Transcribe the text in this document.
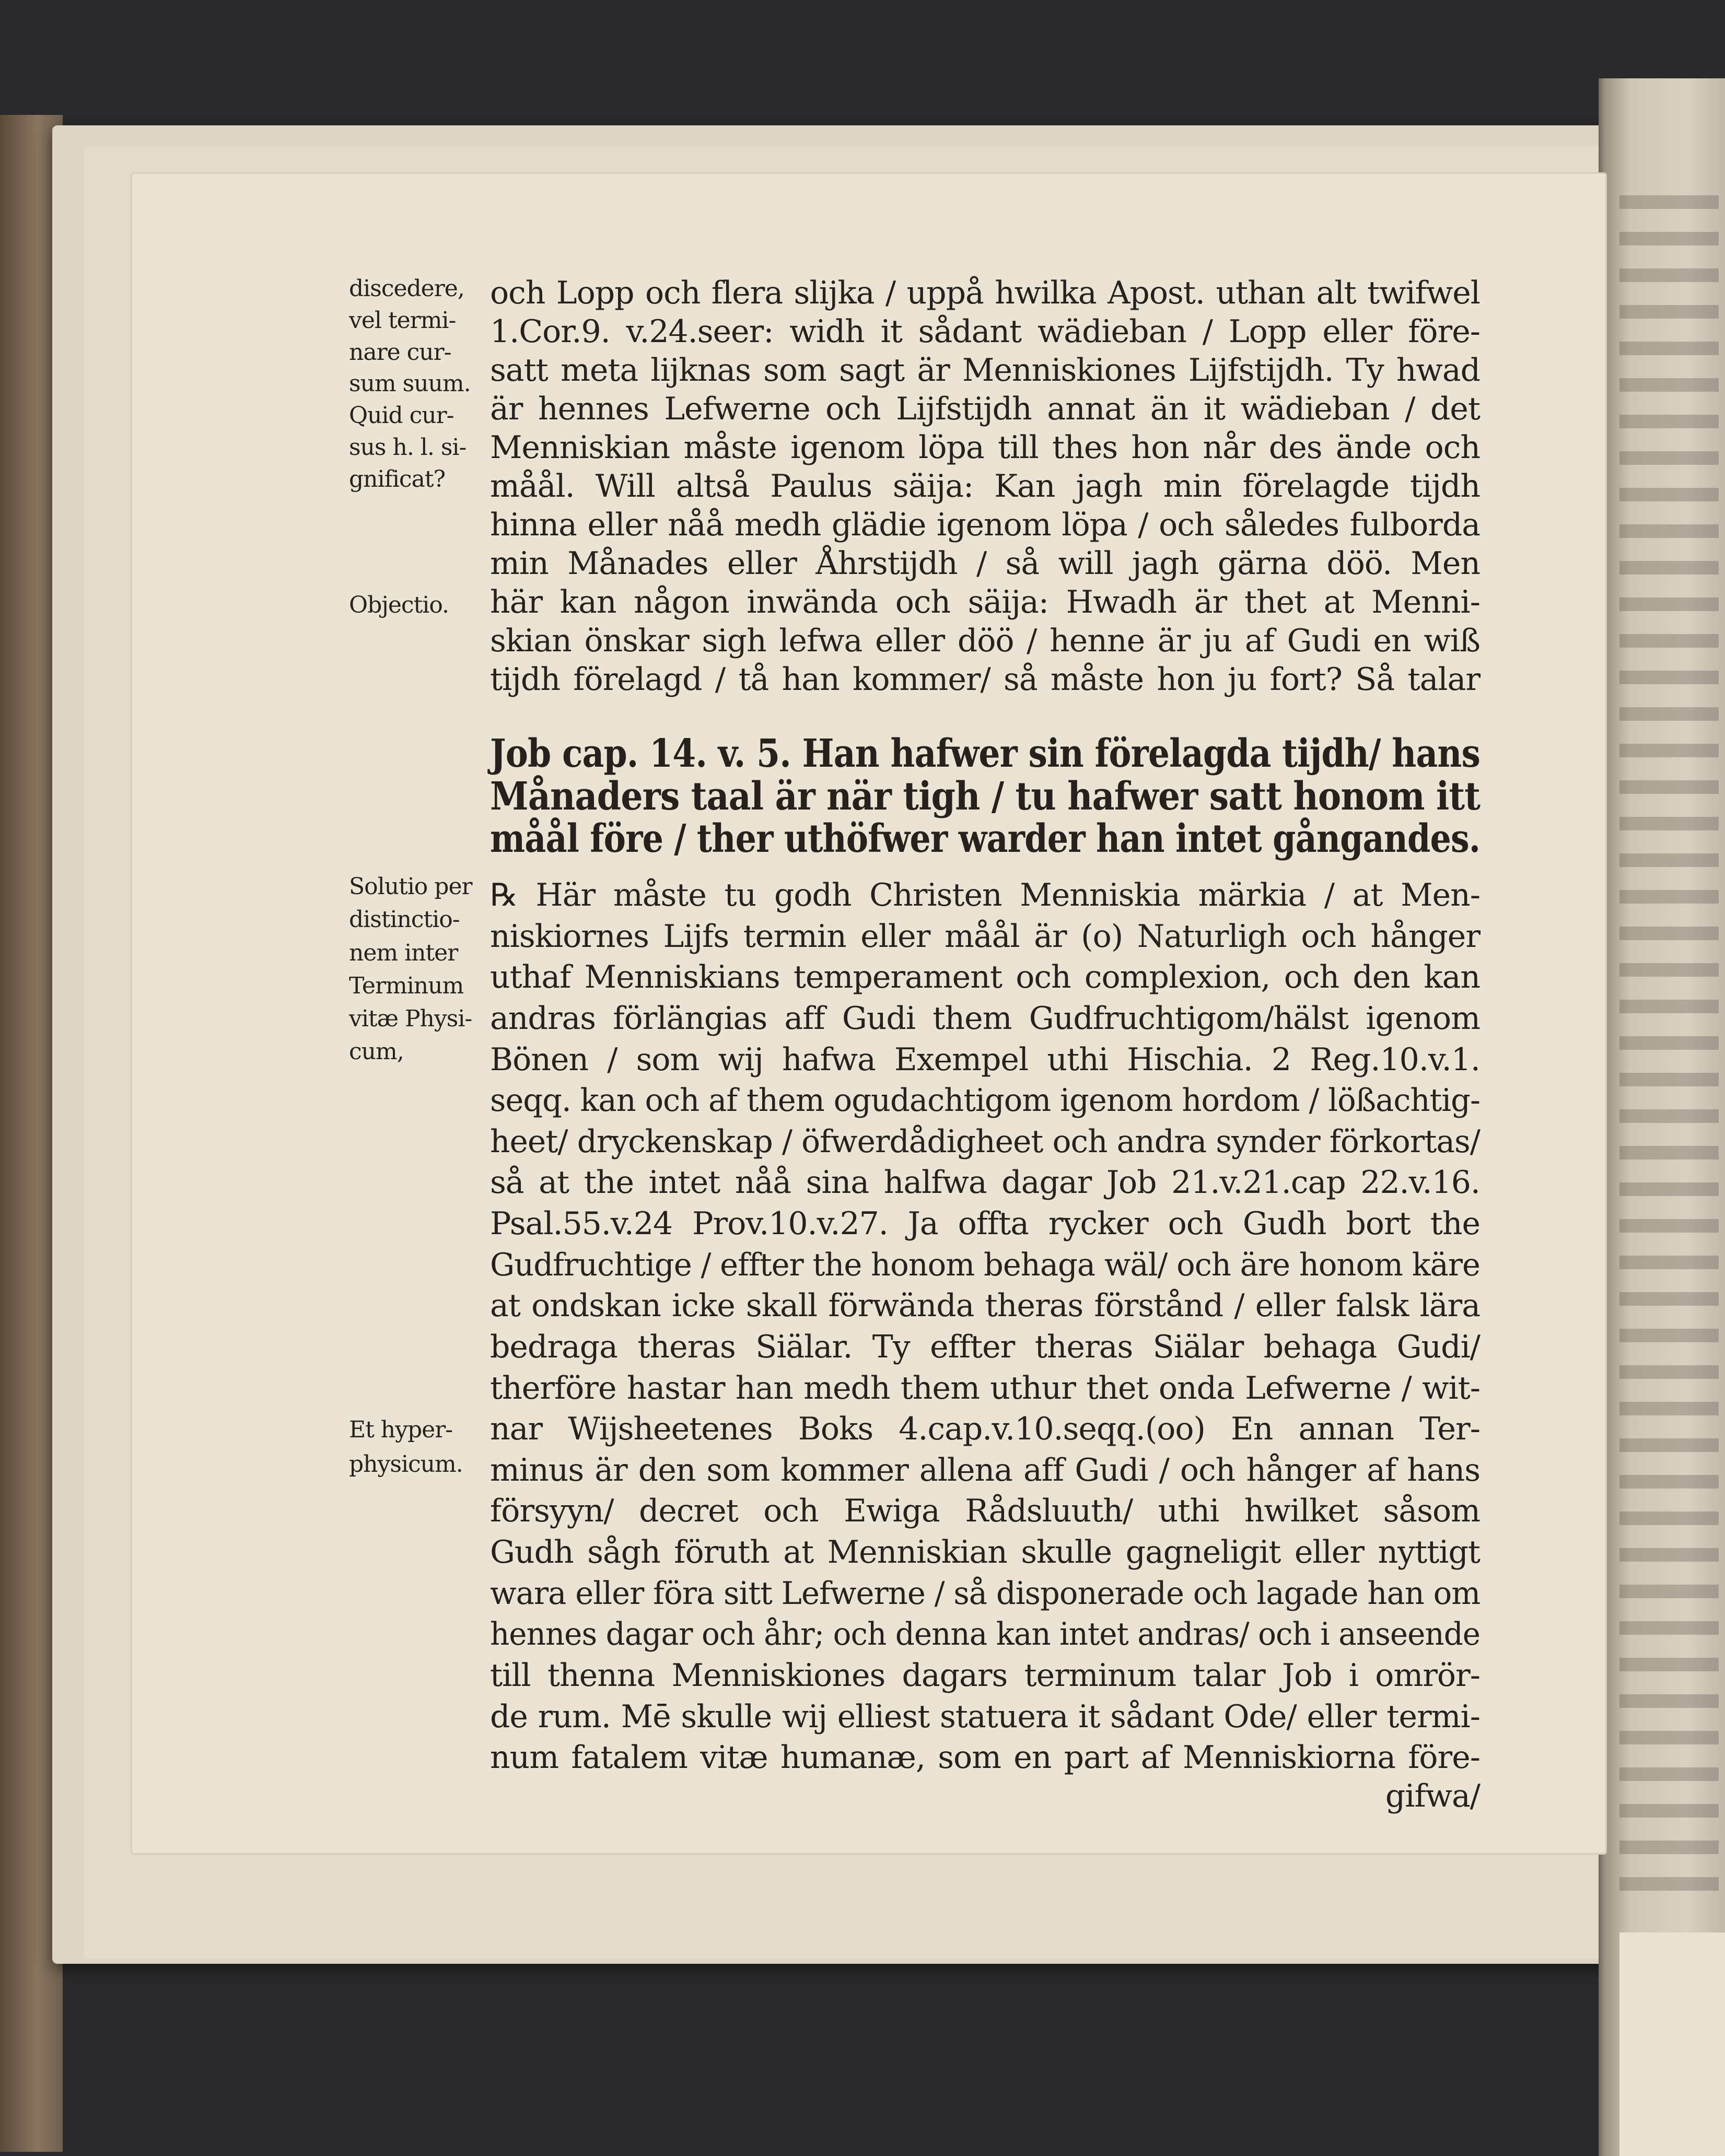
och Lopp och flera slijka / uppå hwilka Apost. uthan alt twifwel
1.Cor.9. v.24.seer: widh it sådant wädieban / Lopp eller före-
satt meta lijknas som sagt är Menniskiones Lijfstijdh. Ty hwad
är hennes Lefwerne och Lijfstijdh annat än it wädieban / det
Menniskian måste igenom löpa till thes hon når des ände och
måål. Will altså Paulus säija: Kan jagh min förelagde tijdh
hinna eller nåå medh glädie igenom löpa / och således fulborda
min Månades eller Åhrstijdh / så will jagh gärna döö. Men
här kan någon inwända och säija: Hwadh är thet at Menni-
skian önskar sigh lefwa eller döö / henne är ju af Gudi en wiß
tijdh förelagd / tå han kommer/ så måste hon ju fort? Så talar
Job cap. 14. v. 5. Han hafwer sin förelagda tijdh/ hans
Månaders taal är när tigh / tu hafwer satt honom itt
måål före / ther uthöfwer warder han intet gångandes.
℞ Här måste tu godh Christen Menniskia märkia / at Men-
niskiornes Lijfs termin eller måål är (o) Naturligh och hånger
uthaf Menniskians temperament och complexion, och den kan
andras förlängias aff Gudi them Gudfruchtigom/hälst igenom
Bönen / som wij hafwa Exempel uthi Hischia. 2 Reg.10.v.1.
seqq. kan och af them ogudachtigom igenom hordom / lößachtig-
heet/ dryckenskap / öfwerdådigheet och andra synder förkortas/
så at the intet nåå sina halfwa dagar Job 21.v.21.cap 22.v.16.
Psal.55.v.24 Prov.10.v.27. Ja offta rycker och Gudh bort the
Gudfruchtige / effter the honom behaga wäl/ och äre honom käre
at ondskan icke skall förwända theras förstånd / eller falsk lära
bedraga theras Siälar. Ty effter theras Siälar behaga Gudi/
therföre hastar han medh them uthur thet onda Lefwerne / wit-
nar Wijsheetenes Boks 4.cap.v.10.seqq.(oo) En annan Ter-
minus är den som kommer allena aff Gudi / och hånger af hans
försyyn/ decret och Ewiga Rådsluuth/ uthi hwilket såsom
Gudh sågh föruth at Menniskian skulle gagneligit eller nyttigt
wara eller föra sitt Lefwerne / så disponerade och lagade han om
hennes dagar och åhr; och denna kan intet andras/ och i anseende
till thenna Menniskiones dagars terminum talar Job i omrör-
de rum. Mē skulle wij elliest statuera it sådant Ode/ eller termi-
num fatalem vitæ humanæ, som en part af Menniskiorna före-
gifwa/
discedere,
vel termi-
nare cur-
sum suum.
Quid cur-
sus h. l. si-
gnificat?
Objectio.
Solutio per
distinctio-
nem inter
Terminum
vitæ Physi-
cum,
Et hyper-
physicum.
